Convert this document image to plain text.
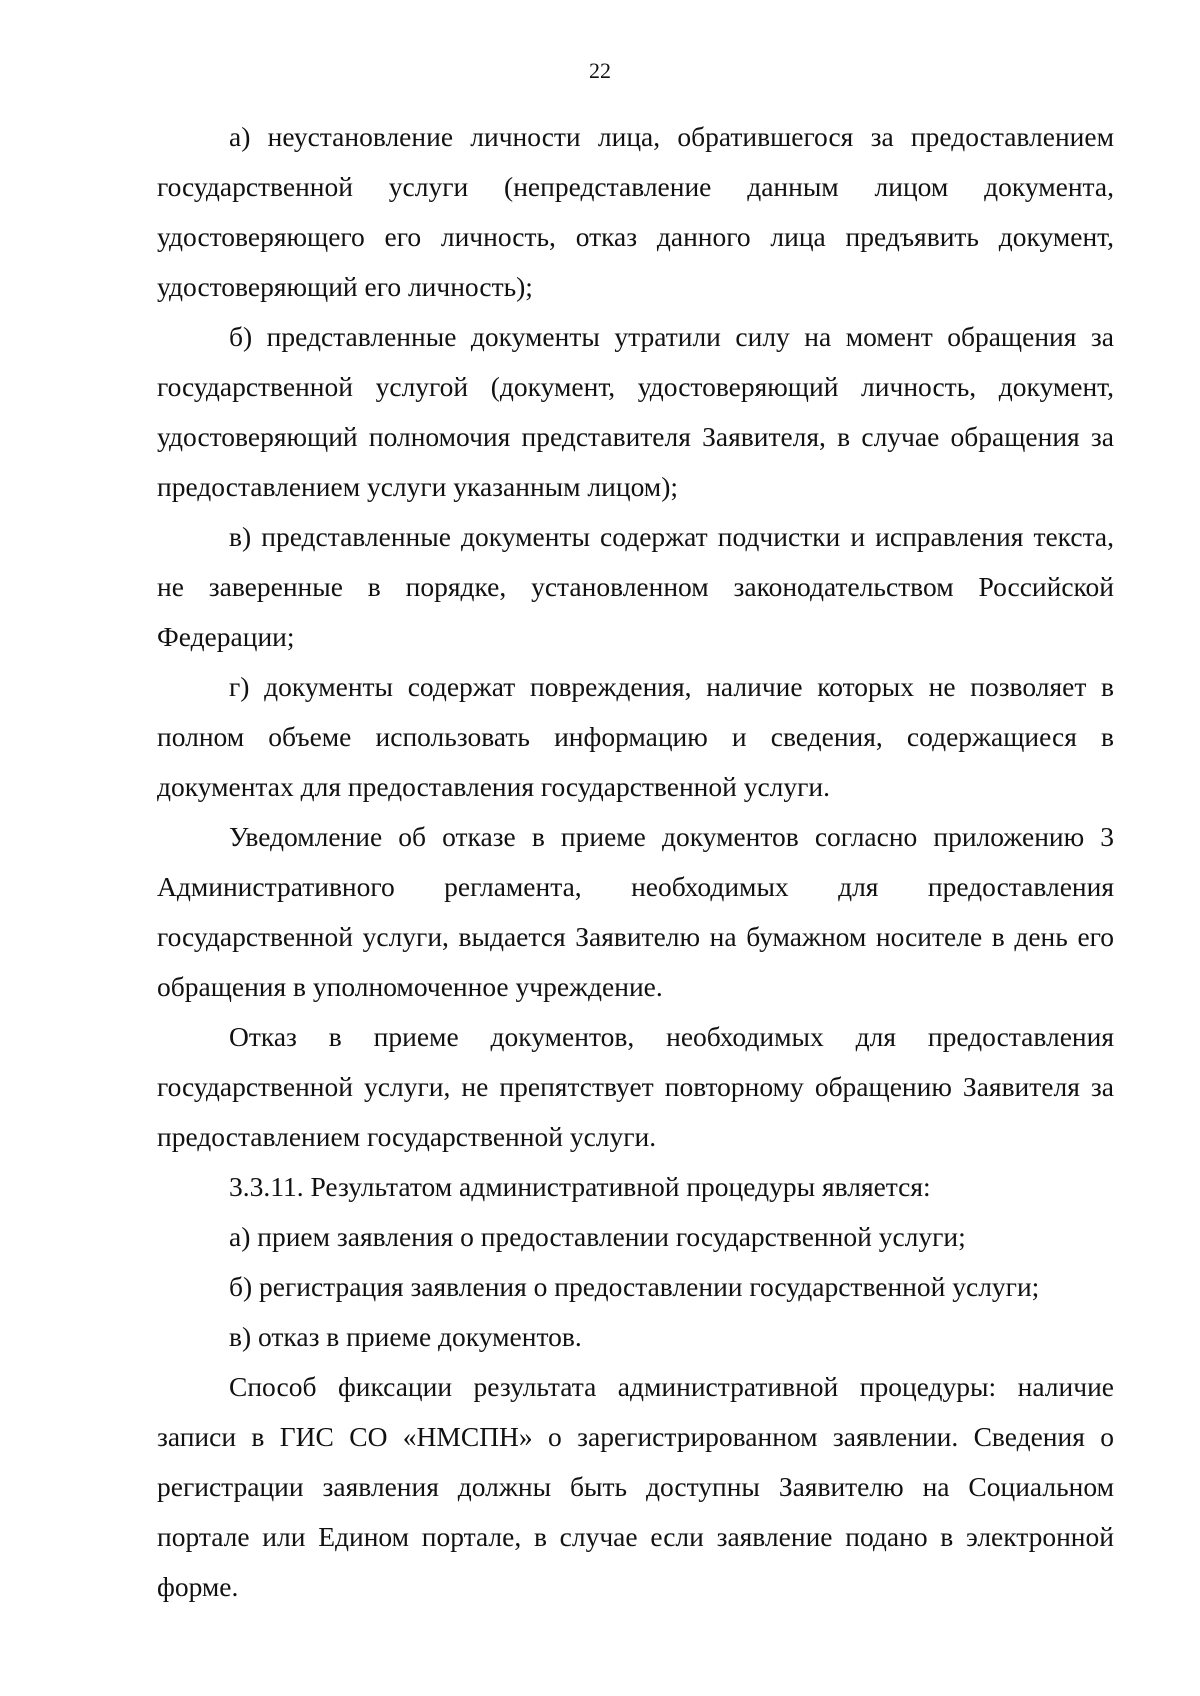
22

а) неустановление личности лица, обратившегося за предоставлением государственной услуги (непредставление данным лицом документа, удостоверяющего его личность, отказ данного лица предъявить документ, удостоверяющий его личность);

б) представленные документы утратили силу на момент обращения за государственной услугой (документ, удостоверяющий личность, документ, удостоверяющий полномочия представителя Заявителя, в случае обращения за предоставлением услуги указанным лицом);

в) представленные документы содержат подчистки и исправления текста, не заверенные в порядке, установленном законодательством Российской Федерации;

г) документы содержат повреждения, наличие которых не позволяет в полном объеме использовать информацию и сведения, содержащиеся в документах для предоставления государственной услуги.

Уведомление об отказе в приеме документов согласно приложению 3 Административного регламента, необходимых для предоставления государственной услуги, выдается Заявителю на бумажном носителе в день его обращения в уполномоченное учреждение.

Отказ в приеме документов, необходимых для предоставления государственной услуги, не препятствует повторному обращению Заявителя за предоставлением государственной услуги.

3.3.11. Результатом административной процедуры является:

а) прием заявления о предоставлении государственной услуги;

б) регистрация заявления о предоставлении государственной услуги;

в) отказ в приеме документов.

Способ фиксации результата административной процедуры: наличие записи в ГИС СО «НМСПН» о зарегистрированном заявлении. Сведения о регистрации заявления должны быть доступны Заявителю на Социальном портале или Едином портале, в случае если заявление подано в электронной форме.
